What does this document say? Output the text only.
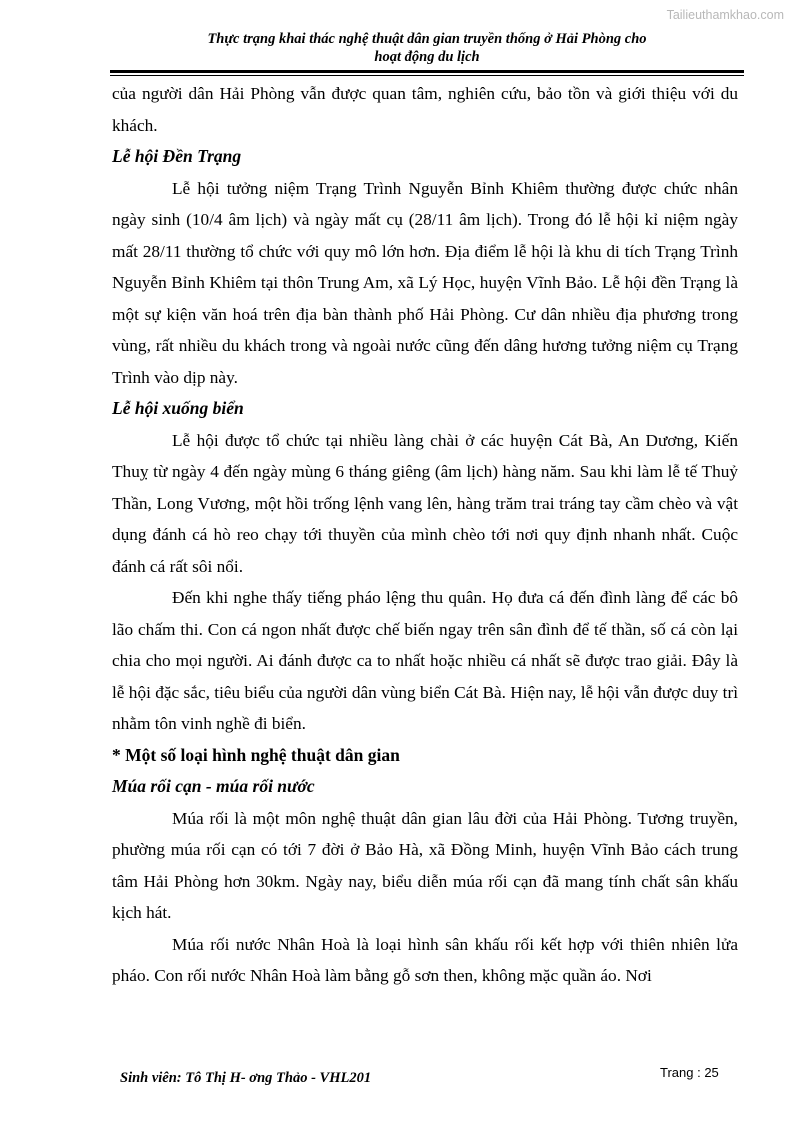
Tailieuthamkhao.com
Thực trạng khai thác nghệ thuật dân gian truyền thống ở Hải Phòng cho
hoạt động du lịch

của người dân Hải Phòng vẫn được quan tâm, nghiên cứu, bảo tồn và giới thiệu với du khách.

Lễ hội Đền Trạng

Lễ hội tưởng niệm Trạng Trình Nguyễn Bỉnh Khiêm thường được chức nhân ngày sinh (10/4 âm lịch) và ngày mất cụ (28/11 âm lịch). Trong đó lễ hội kỉ niệm ngày mất 28/11 thường tổ chức với quy mô lớn hơn. Địa điểm lễ hội là khu di tích Trạng Trình Nguyễn Bỉnh Khiêm tại thôn Trung Am, xã Lý Học, huyện Vĩnh Bảo. Lễ hội đền Trạng là một sự kiện văn hoá trên địa bàn thành phố Hải Phòng. Cư dân nhiều địa phương trong vùng, rất nhiều du khách trong và ngoài nước cũng đến dâng hương tưởng niệm cụ Trạng Trình vào dịp này.

Lễ hội xuống biển

Lễ hội được tổ chức tại nhiều làng chài ở các huyện Cát Bà, An Dương, Kiến Thuỵ từ ngày 4 đến ngày mùng 6 tháng giêng (âm lịch) hàng năm. Sau khi làm lễ tế Thuỷ Thần, Long Vương, một hồi trống lệnh vang lên, hàng trăm trai tráng tay cầm chèo và vật dụng đánh cá hò reo chạy tới thuyền của mình chèo tới nơi quy định nhanh nhất. Cuộc đánh cá rất sôi nổi.

Đến khi nghe thấy tiếng pháo lệng thu quân. Họ đưa cá đến đình làng để các bô lão chấm thi. Con cá ngon nhất được chế biến ngay trên sân đình để tế thần, số cá còn lại chia cho mọi người. Ai đánh được ca to nhất hoặc nhiều cá nhất sẽ được trao giải. Đây là lễ hội đặc sắc, tiêu biểu của người dân vùng biển Cát Bà. Hiện nay, lễ hội vẫn được duy trì nhằm tôn vinh nghề đi biển.

* Một số loại hình nghệ thuật dân gian

Múa rối cạn - múa rối nước

Múa rối là một môn nghệ thuật dân gian lâu đời của Hải Phòng. Tương truyền, phường múa rối cạn có tới 7 đời ở Bảo Hà, xã Đồng Minh, huyện Vĩnh Bảo cách trung tâm Hải Phòng hơn 30km. Ngày nay, biểu diễn múa rối cạn đã mang tính chất sân khấu kịch hát.

Múa rối nước Nhân Hoà là loại hình sân khấu rối kết hợp với thiên nhiên lửa pháo. Con rối nước Nhân Hoà làm bằng gỗ sơn then, không mặc quần áo. Nơi

Sinh viên: Tô Thị H- ơng Thảo - VHL201	Trang : 25
